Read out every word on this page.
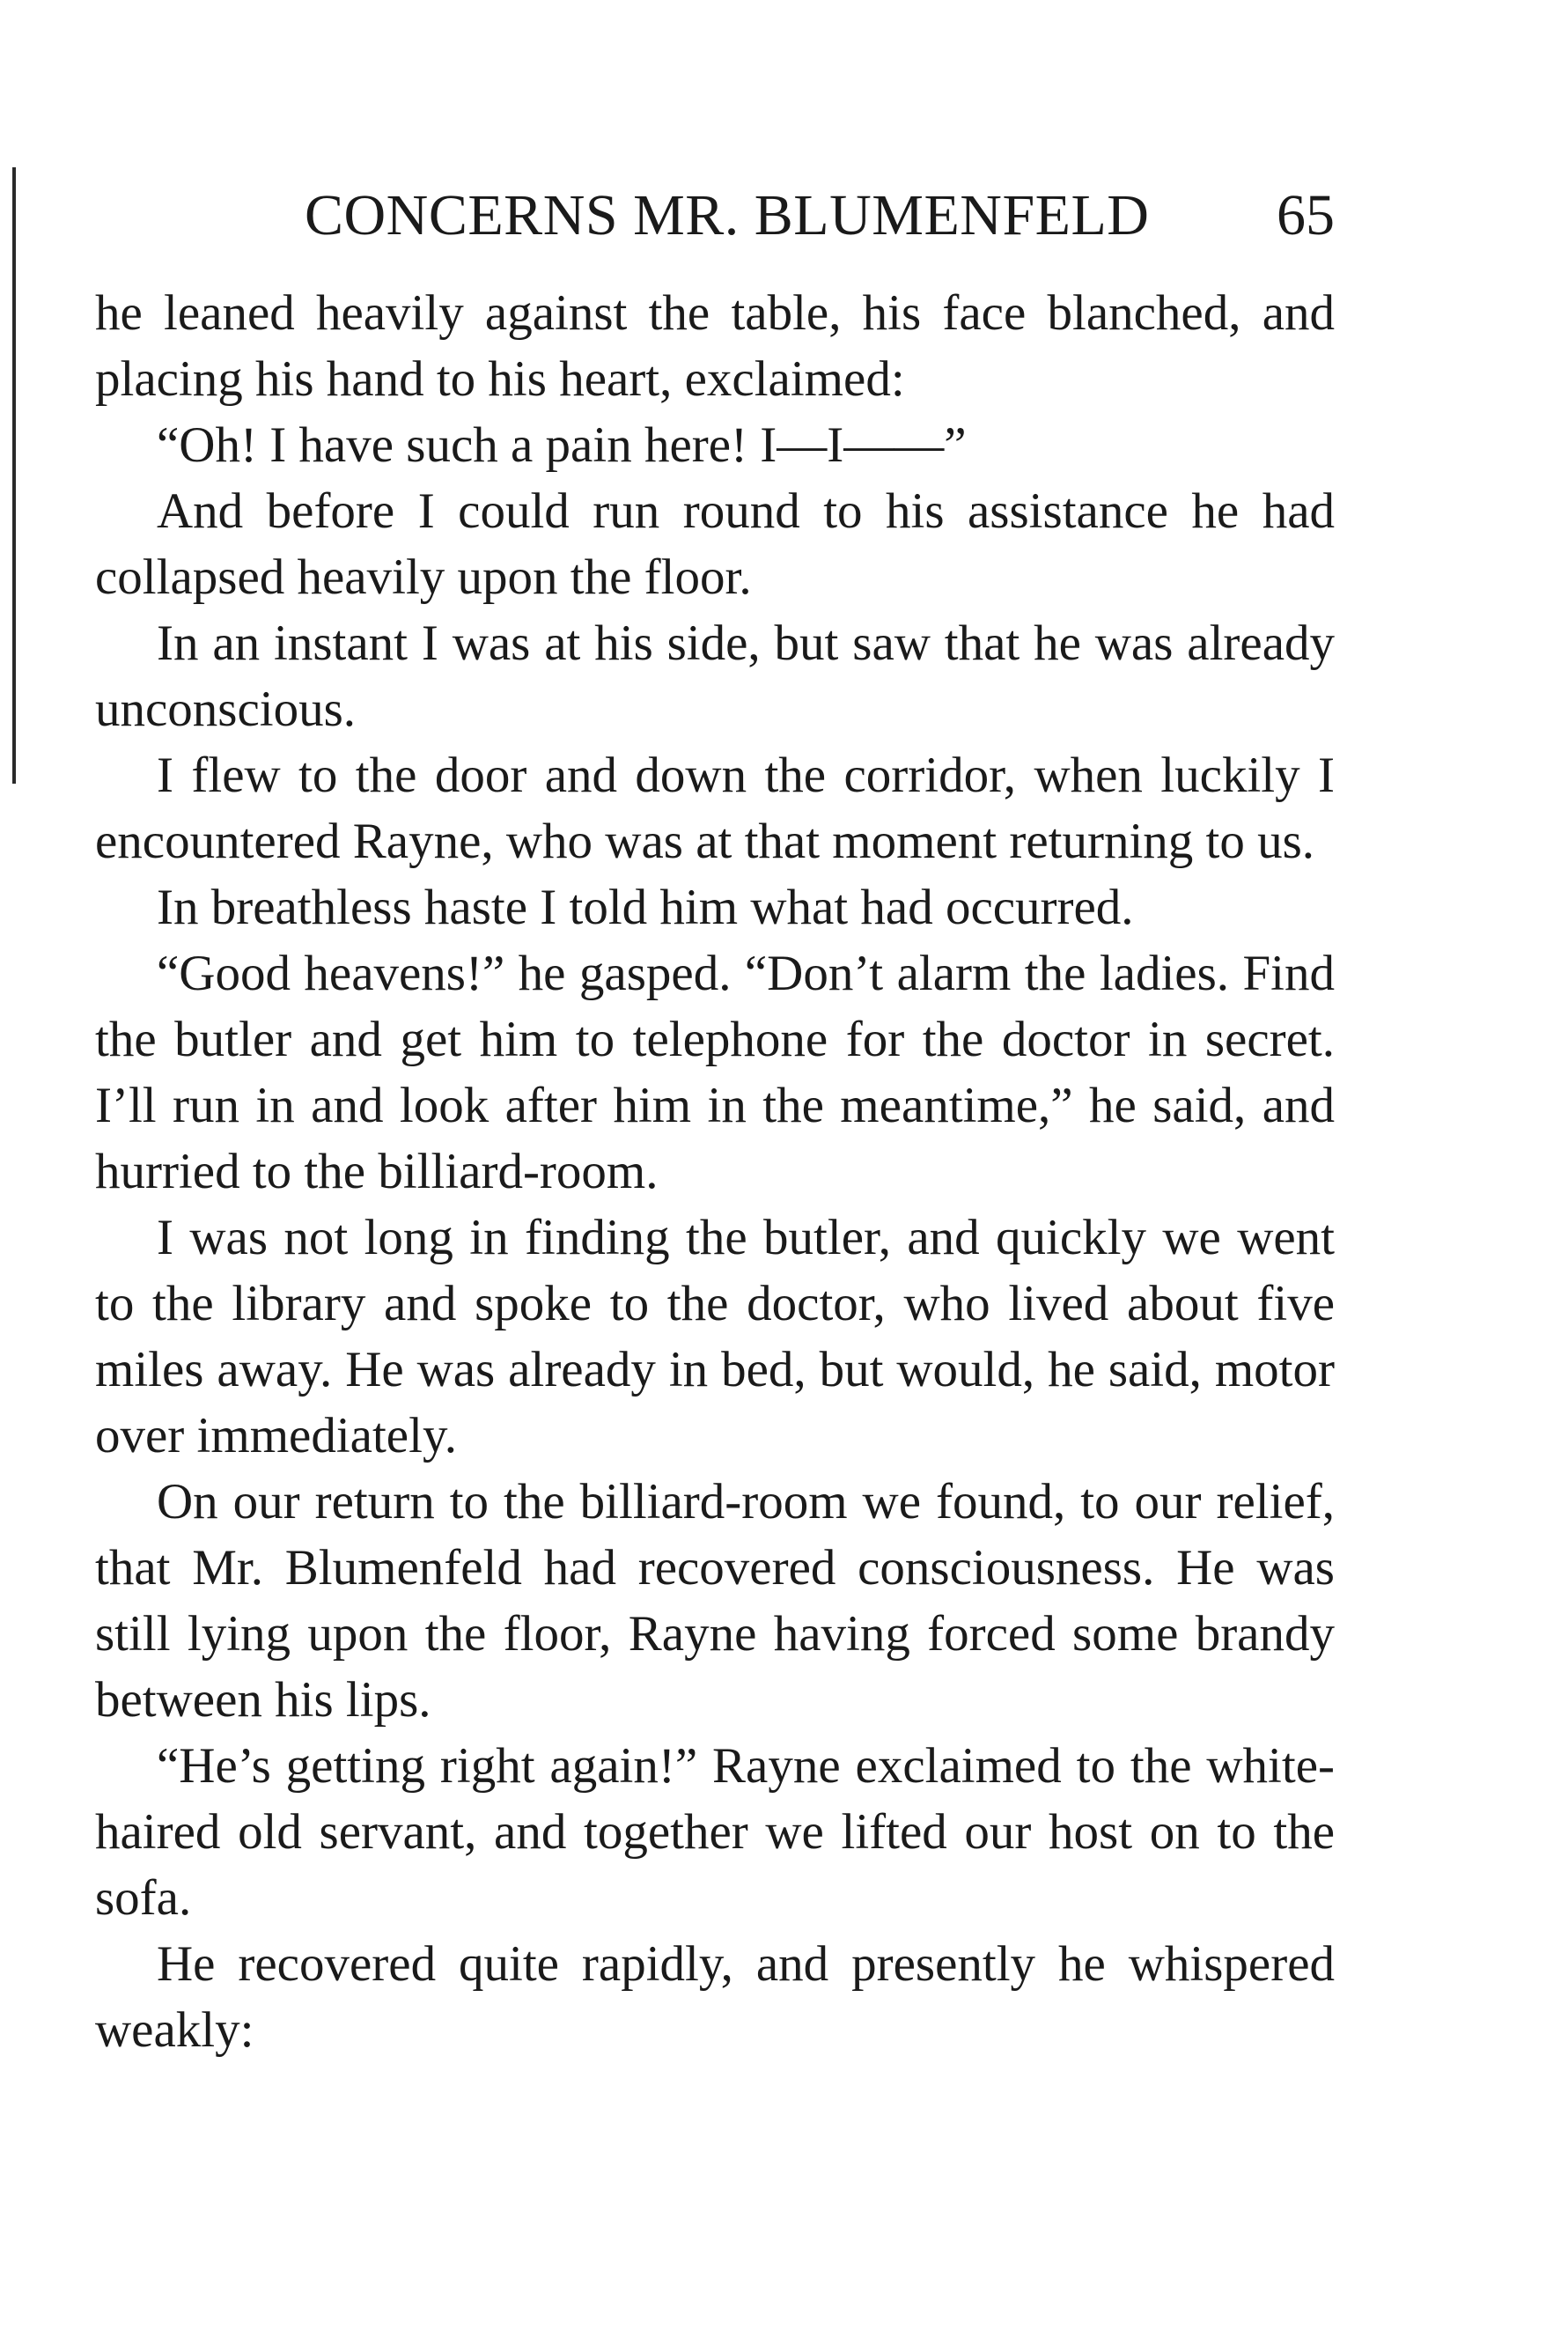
CONCERNS MR. BLUMENFELD 65

he leaned heavily against the table, his face blanched, and placing his hand to his heart, exclaimed:

“Oh! I have such a pain here! I—I——”

And before I could run round to his assistance he had collapsed heavily upon the floor.

In an instant I was at his side, but saw that he was already unconscious.

I flew to the door and down the corridor, when luckily I encountered Rayne, who was at that moment returning to us.

In breathless haste I told him what had occurred.

“Good heavens!” he gasped. “Don’t alarm the ladies. Find the butler and get him to telephone for the doctor in secret. I’ll run in and look after him in the meantime,” he said, and hurried to the billiard-room.

I was not long in finding the butler, and quickly we went to the library and spoke to the doctor, who lived about five miles away. He was already in bed, but would, he said, motor over immediately.

On our return to the billiard-room we found, to our relief, that Mr. Blumenfeld had recovered consciousness. He was still lying upon the floor, Rayne having forced some brandy between his lips.

“He’s getting right again!” Rayne exclaimed to the white-haired old servant, and together we lifted our host on to the sofa.

He recovered quite rapidly, and presently he whispered weakly:
